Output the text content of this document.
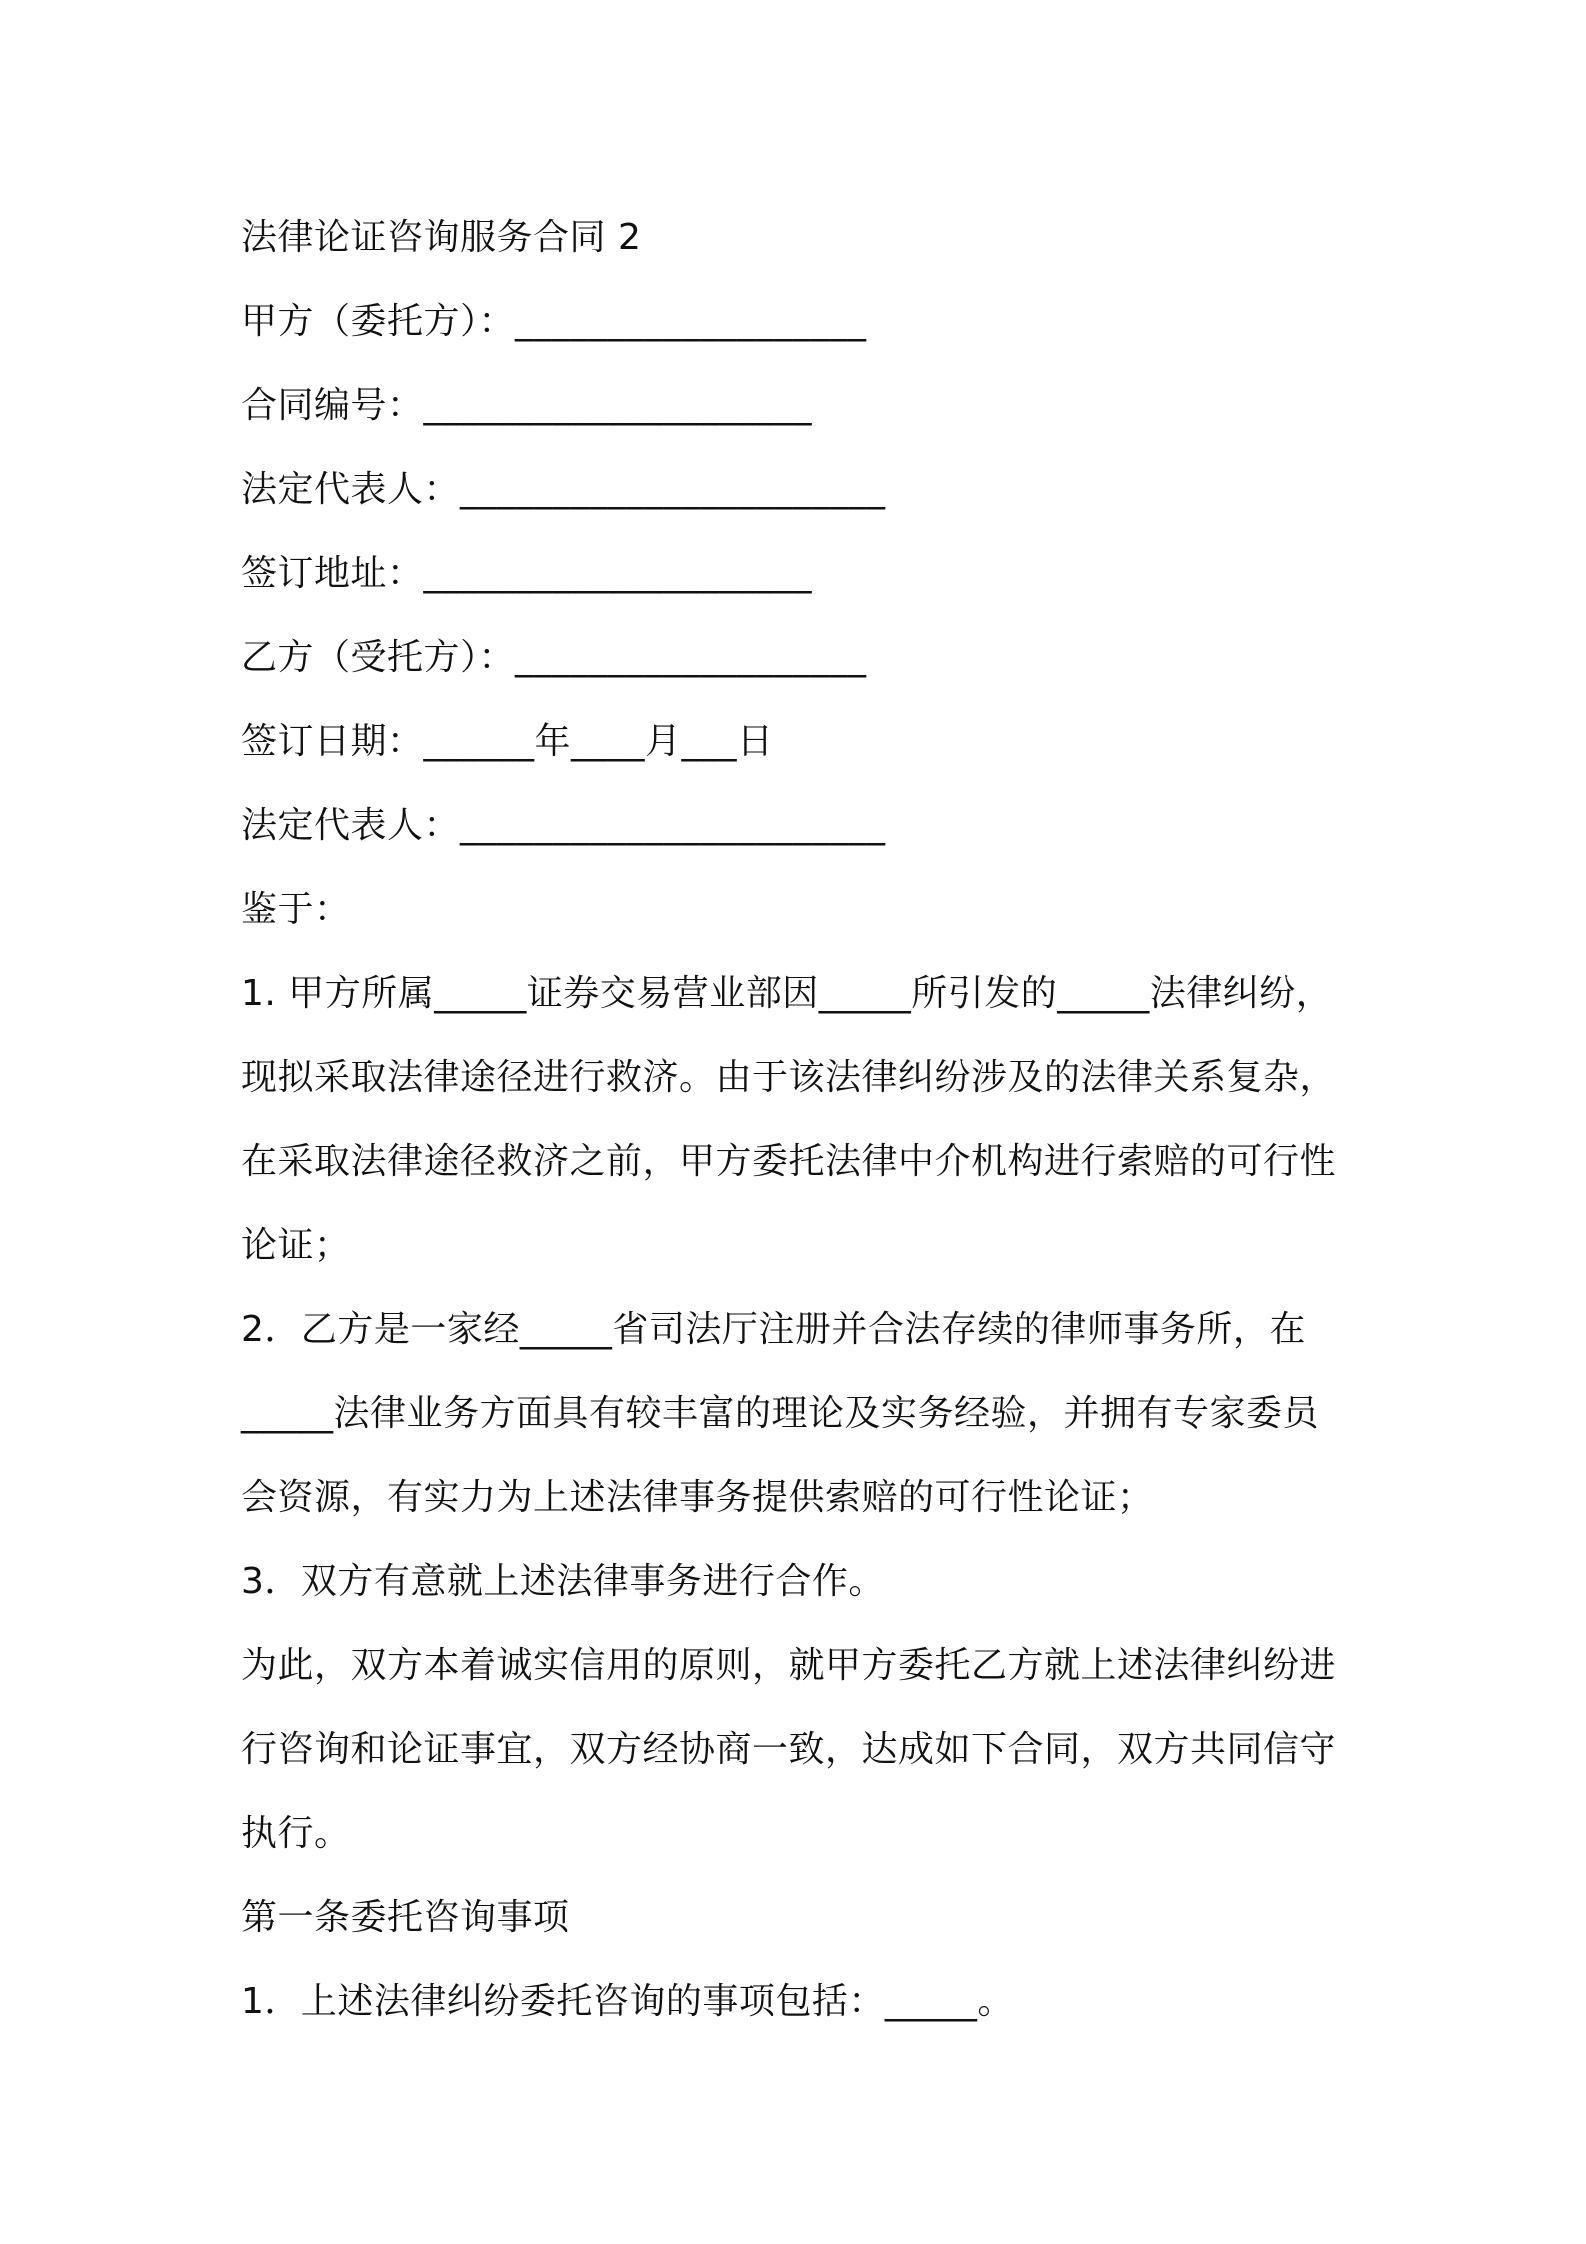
法律论证咨询服务合同 2
甲方（委托方）：___________________
合同编号：_____________________
法定代表人：_______________________
签订地址：_____________________
乙方（受托方）：___________________
签订日期：______年____月___日
法定代表人：_______________________
鉴于：
1. 甲方所属_____证券交易营业部因_____所引发的_____法律纠纷，
现拟采取法律途径进行救济。由于该法律纠纷涉及的法律关系复杂，
在采取法律途径救济之前，甲方委托法律中介机构进行索赔的可行性
论证；
2．乙方是一家经_____省司法厅注册并合法存续的律师事务所，在
_____法律业务方面具有较丰富的理论及实务经验，并拥有专家委员
会资源，有实力为上述法律事务提供索赔的可行性论证；
3．双方有意就上述法律事务进行合作。
为此，双方本着诚实信用的原则，就甲方委托乙方就上述法律纠纷进
行咨询和论证事宜，双方经协商一致，达成如下合同，双方共同信守
执行。
第一条委托咨询事项
1．上述法律纠纷委托咨询的事项包括：_____。
